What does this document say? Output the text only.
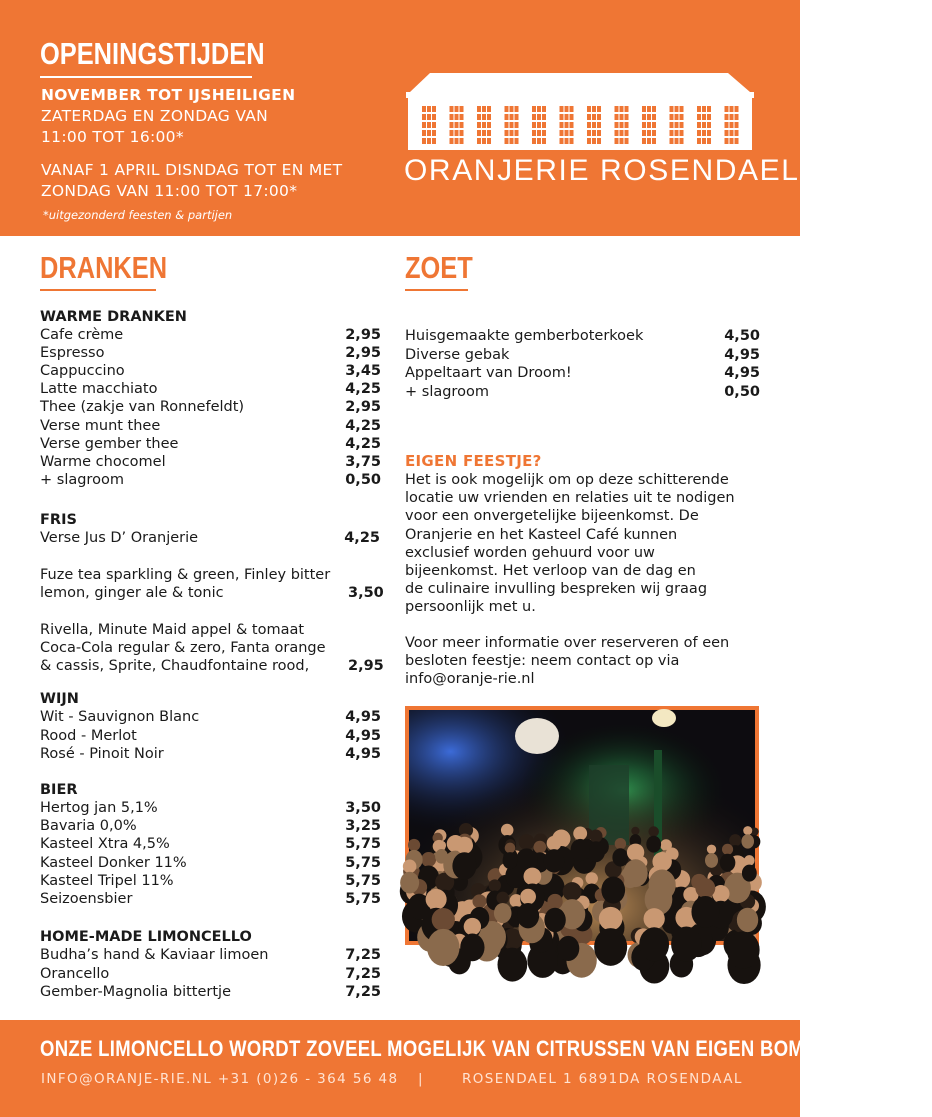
OPENINGSTIJDEN
NOVEMBER TOT IJSHEILIGEN
ZATERDAG EN ZONDAG VAN
11:00 TOT 16:00*
VANAF 1 APRIL DISNDAG TOT EN MET
ZONDAG VAN 11:00 TOT 17:00*
*uitgezonderd feesten & partijen
ORANJERIE ROSENDAEL
DRANKEN
WARME DRANKEN
Cafe crème	2,95
Espresso	2,95
Cappuccino	3,45
Latte macchiato	4,25
Thee (zakje van Ronnefeldt)	2,95
Verse munt thee	4,25
Verse gember thee	4,25
Warme chocomel	3,75
+ slagroom	0,50
FRIS
Verse Jus D’ Oranjerie	4,25
Fuze tea sparkling & green, Finley bitter
lemon, ginger ale & tonic	3,50
Rivella, Minute Maid appel & tomaat
Coca-Cola regular & zero, Fanta orange
& cassis, Sprite, Chaudfontaine rood,	2,95
WIJN
Wit - Sauvignon Blanc	4,95
Rood - Merlot	4,95
Rosé - Pinoit Noir	4,95
BIER
Hertog jan 5,1%	3,50
Bavaria 0,0%	3,25
Kasteel Xtra 4,5%	5,75
Kasteel Donker 11%	5,75
Kasteel Tripel 11%	5,75
Seizoensbier	5,75
HOME-MADE LIMONCELLO
Budha’s hand & Kaviaar limoen	7,25
Orancello	7,25
Gember-Magnolia bittertje	7,25
ZOET
Huisgemaakte gemberboterkoek	4,50
Diverse gebak	4,95
Appeltaart van Droom!	4,95
+ slagroom	0,50
EIGEN FEESTJE?
Het is ook mogelijk om op deze schitterende
locatie uw vrienden en relaties uit te nodigen
voor een onvergetelijke bijeenkomst. De
Oranjerie en het Kasteel Café kunnen
exclusief worden gehuurd voor uw
bijeenkomst. Het verloop van de dag en
de culinaire invulling bespreken wij graag
persoonlijk met u.
Voor meer informatie over reserveren of een
besloten feestje: neem contact op via
info@oranje-rie.nl
ONZE LIMONCELLO WORDT ZOVEEL MOGELIJK VAN CITRUSSEN VAN EIGEN BOMEN GEMAAKT
INFO@ORANJE-RIE.NL +31 (0)26 - 364 56 48 |	ROSENDAEL 1 6891DA ROSENDAAL
